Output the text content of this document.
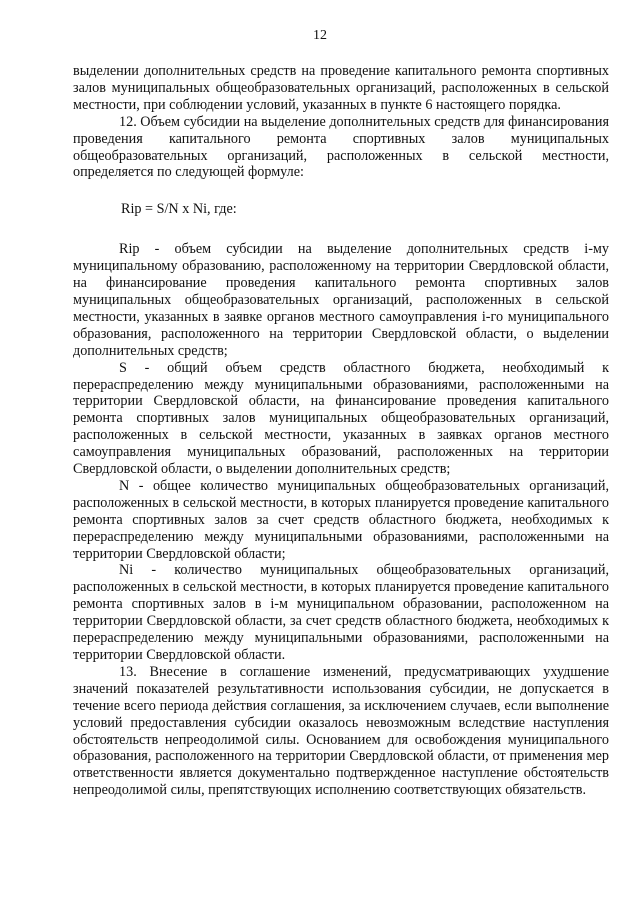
12

выделении дополнительных средств на проведение капитального ремонта спортивных залов муниципальных общеобразовательных организаций, расположенных в сельской местности, при соблюдении условий, указанных в пункте 6 настоящего порядка.

12. Объем субсидии на выделение дополнительных средств для финансирования проведения капитального ремонта спортивных залов муниципальных общеобразовательных организаций, расположенных в сельской местности, определяется по следующей формуле:

Rip = S/N x Ni, где:

Rip - объем субсидии на выделение дополнительных средств i-му муниципальному образованию, расположенному на территории Свердловской области, на финансирование проведения капитального ремонта спортивных залов муниципальных общеобразовательных организаций, расположенных в сельской местности, указанных в заявке органов местного самоуправления i-го муниципального образования, расположенного на территории Свердловской области, о выделении дополнительных средств;

S - общий объем средств областного бюджета, необходимый к перераспределению между муниципальными образованиями, расположенными на территории Свердловской области, на финансирование проведения капитального ремонта спортивных залов муниципальных общеобразовательных организаций, расположенных в сельской местности, указанных в заявках органов местного самоуправления муниципальных образований, расположенных на территории Свердловской области, о выделении дополнительных средств;

N - общее количество муниципальных общеобразовательных организаций, расположенных в сельской местности, в которых планируется проведение капитального ремонта спортивных залов за счет средств областного бюджета, необходимых к перераспределению между муниципальными образованиями, расположенными на территории Свердловской области;

Ni - количество муниципальных общеобразовательных организаций, расположенных в сельской местности, в которых планируется проведение капитального ремонта спортивных залов в i-м муниципальном образовании, расположенном на территории Свердловской области, за счет средств областного бюджета, необходимых к перераспределению между муниципальными образованиями, расположенными на территории Свердловской области.

13. Внесение в соглашение изменений, предусматривающих ухудшение значений показателей результативности использования субсидии, не допускается в течение всего периода действия соглашения, за исключением случаев, если выполнение условий предоставления субсидии оказалось невозможным вследствие наступления обстоятельств непреодолимой силы. Основанием для освобождения муниципального образования, расположенного на территории Свердловской области, от применения мер ответственности является документально подтвержденное наступление обстоятельств непреодолимой силы, препятствующих исполнению соответствующих обязательств.
